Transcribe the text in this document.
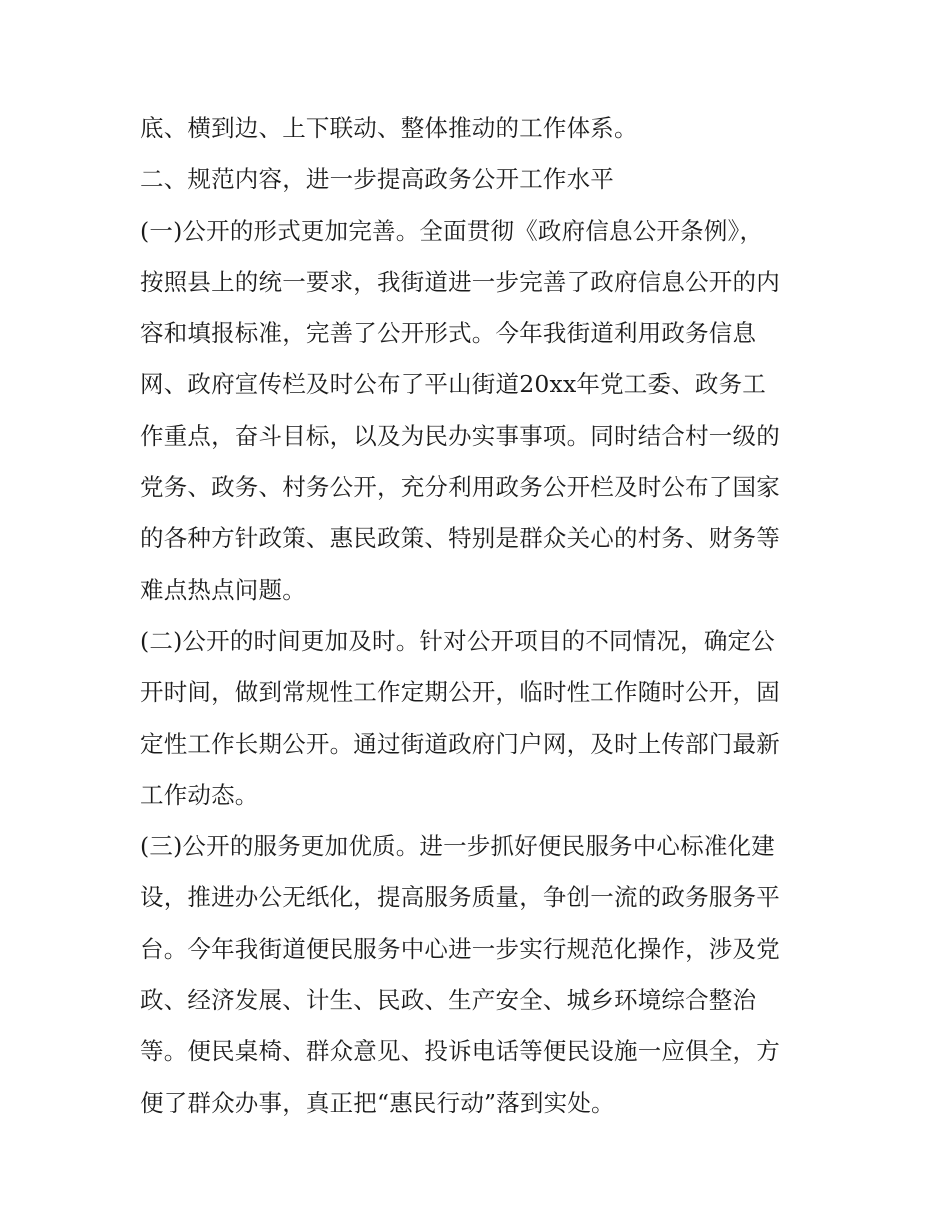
底、横到边、上下联动、整体推动的工作体系。
二、规范内容，进一步提高政务公开工作水平
(一)公开的形式更加完善。全面贯彻《政府信息公开条例》，
按照县上的统一要求，我街道进一步完善了政府信息公开的内
容和填报标准，完善了公开形式。今年我街道利用政务信息
网、政府宣传栏及时公布了平山街道20xx年党工委、政务工
作重点，奋斗目标，以及为民办实事事项。同时结合村一级的
党务、政务、村务公开，充分利用政务公开栏及时公布了国家
的各种方针政策、惠民政策、特别是群众关心的村务、财务等
难点热点问题。
(二)公开的时间更加及时。针对公开项目的不同情况，确定公
开时间，做到常规性工作定期公开，临时性工作随时公开，固
定性工作长期公开。通过街道政府门户网，及时上传部门最新
工作动态。
(三)公开的服务更加优质。进一步抓好便民服务中心标准化建
设，推进办公无纸化，提高服务质量，争创一流的政务服务平
台。今年我街道便民服务中心进一步实行规范化操作，涉及党
政、经济发展、计生、民政、生产安全、城乡环境综合整治
等。便民桌椅、群众意见、投诉电话等便民设施一应俱全，方
便了群众办事，真正把“惠民行动”落到实处。
